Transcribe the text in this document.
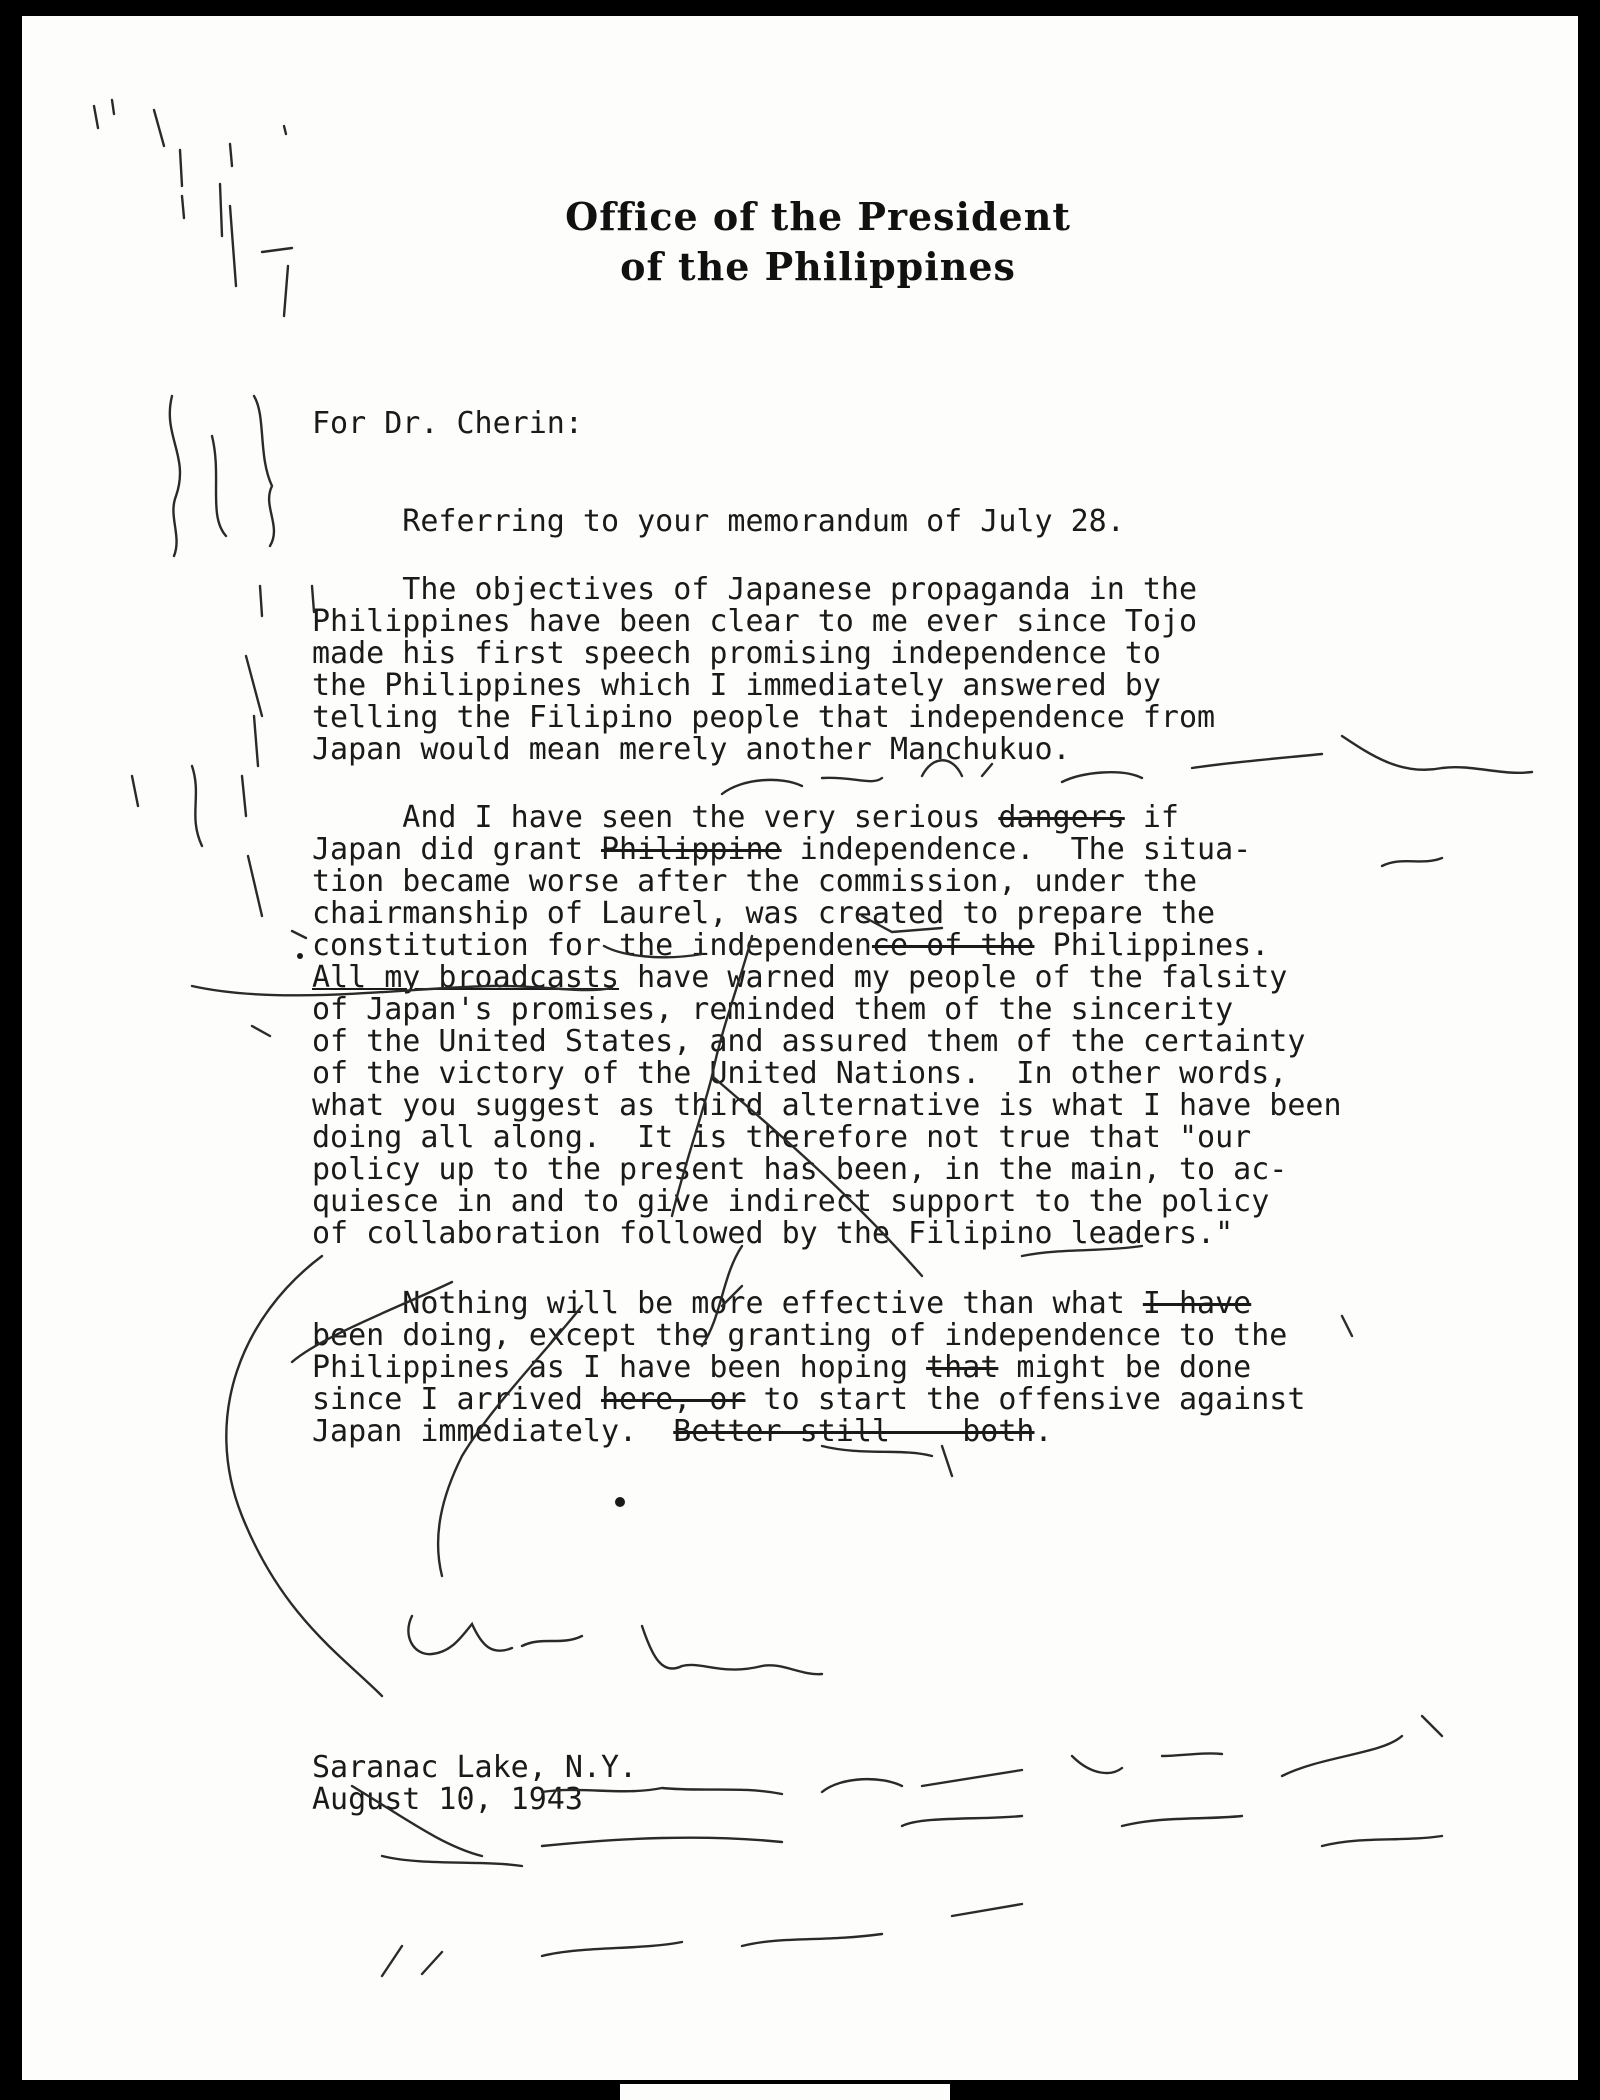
Office of the President
of the Philippines
For Dr. Cherin:
Referring to your memorandum of July 28.
The objectives of Japanese propaganda in the
Philippines have been clear to me ever since Tojo
made his first speech promising independence to
the Philippines which I immediately answered by
telling the Filipino people that independence from
Japan would mean merely another Manchukuo.
And I have seen the very serious dangers if
Japan did grant Philippine independence.  The situa-
tion became worse after the commission, under the
chairmanship of Laurel, was created to prepare the
constitution for the independence of the Philippines.
All my broadcasts have warned my people of the falsity
of Japan's promises, reminded them of the sincerity
of the United States, and assured them of the certainty
of the victory of the United Nations.  In other words,
what you suggest as third alternative is what I have been
doing all along.  It is therefore not true that "our
policy up to the present has been, in the main, to ac-
quiesce in and to give indirect support to the policy
of collaboration followed by the Filipino leaders."
Nothing will be more effective than what I have
been doing, except the granting of independence to the
Philippines as I have been hoping that might be done
since I arrived here, or to start the offensive against
Japan immediately.  Better still -- both.
Saranac Lake, N.Y.
August 10, 1943
